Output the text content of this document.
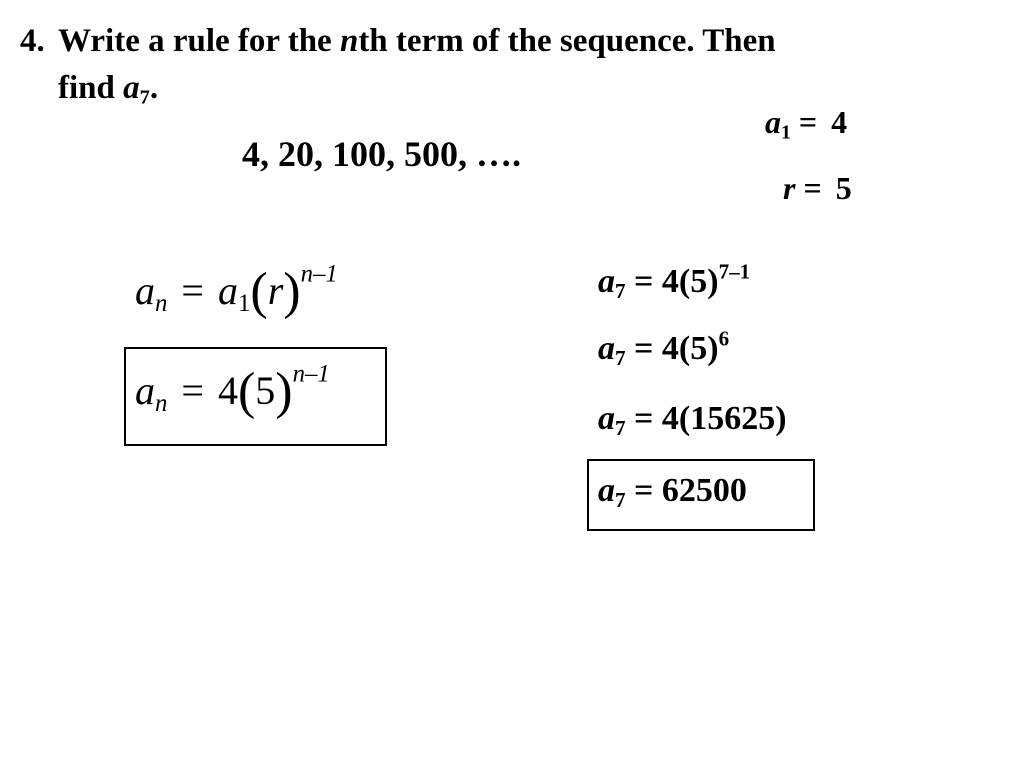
4. Write a rule for the nth term of the sequence. Then
find $a_7$.
4, 20, 100, 500, ….
$a_1 = 4$
r = 5
$a_n = a_1(r)^{n-1}$
$a_n = 4(5)^{n-1}$
$a_7 = 4(5)^{7-1}$
$a_7 = 4(5)^6$
$a_7 = 4(15625)$
$a_7 = 62500$
